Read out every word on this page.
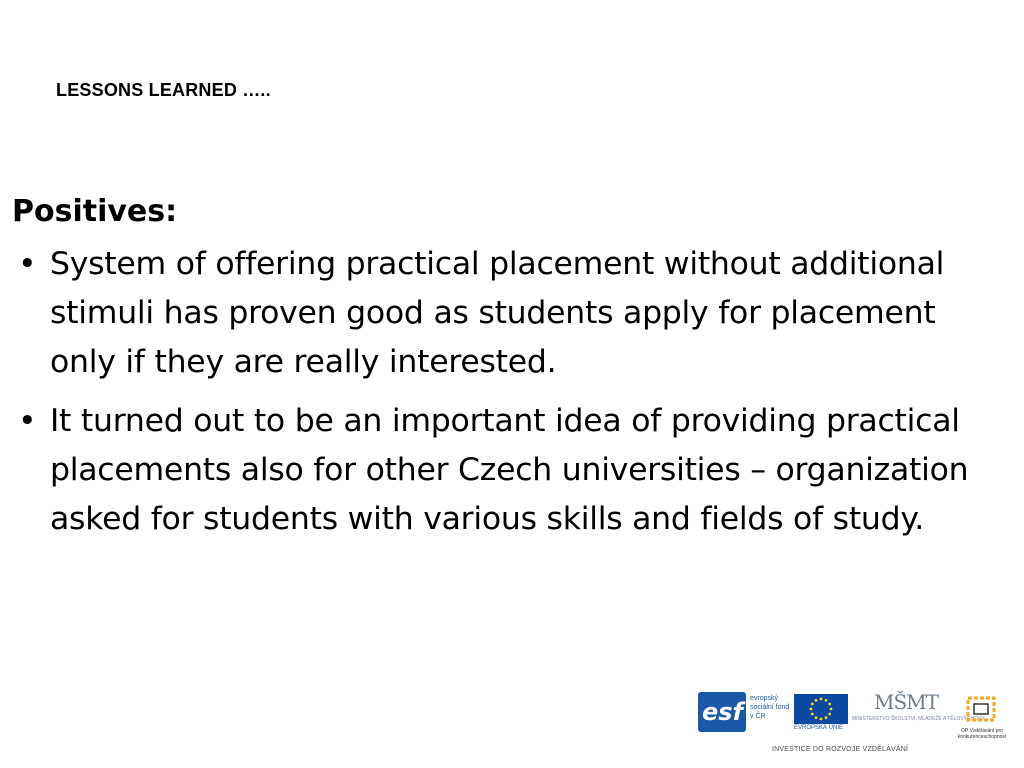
LESSONS LEARNED …..
Positives:
• System of offering practical placement without additional stimuli has proven good as students apply for placement only if they are really interested.
• It turned out to be an important idea of providing practical placements also for other Czech universities – organization asked for students with various skills and fields of study.
esf evropský sociální fond v ČR
EVROPSKÁ UNIE
MŠMT
MINISTERSTVO ŠKOLSTVÍ, MLÁDEŽE A TĚLOVÝCHOVY
OP Vzdělávání pro konkurenceschopnost
INVESTICE DO ROZVOJE VZDĚLÁVÁNÍ
